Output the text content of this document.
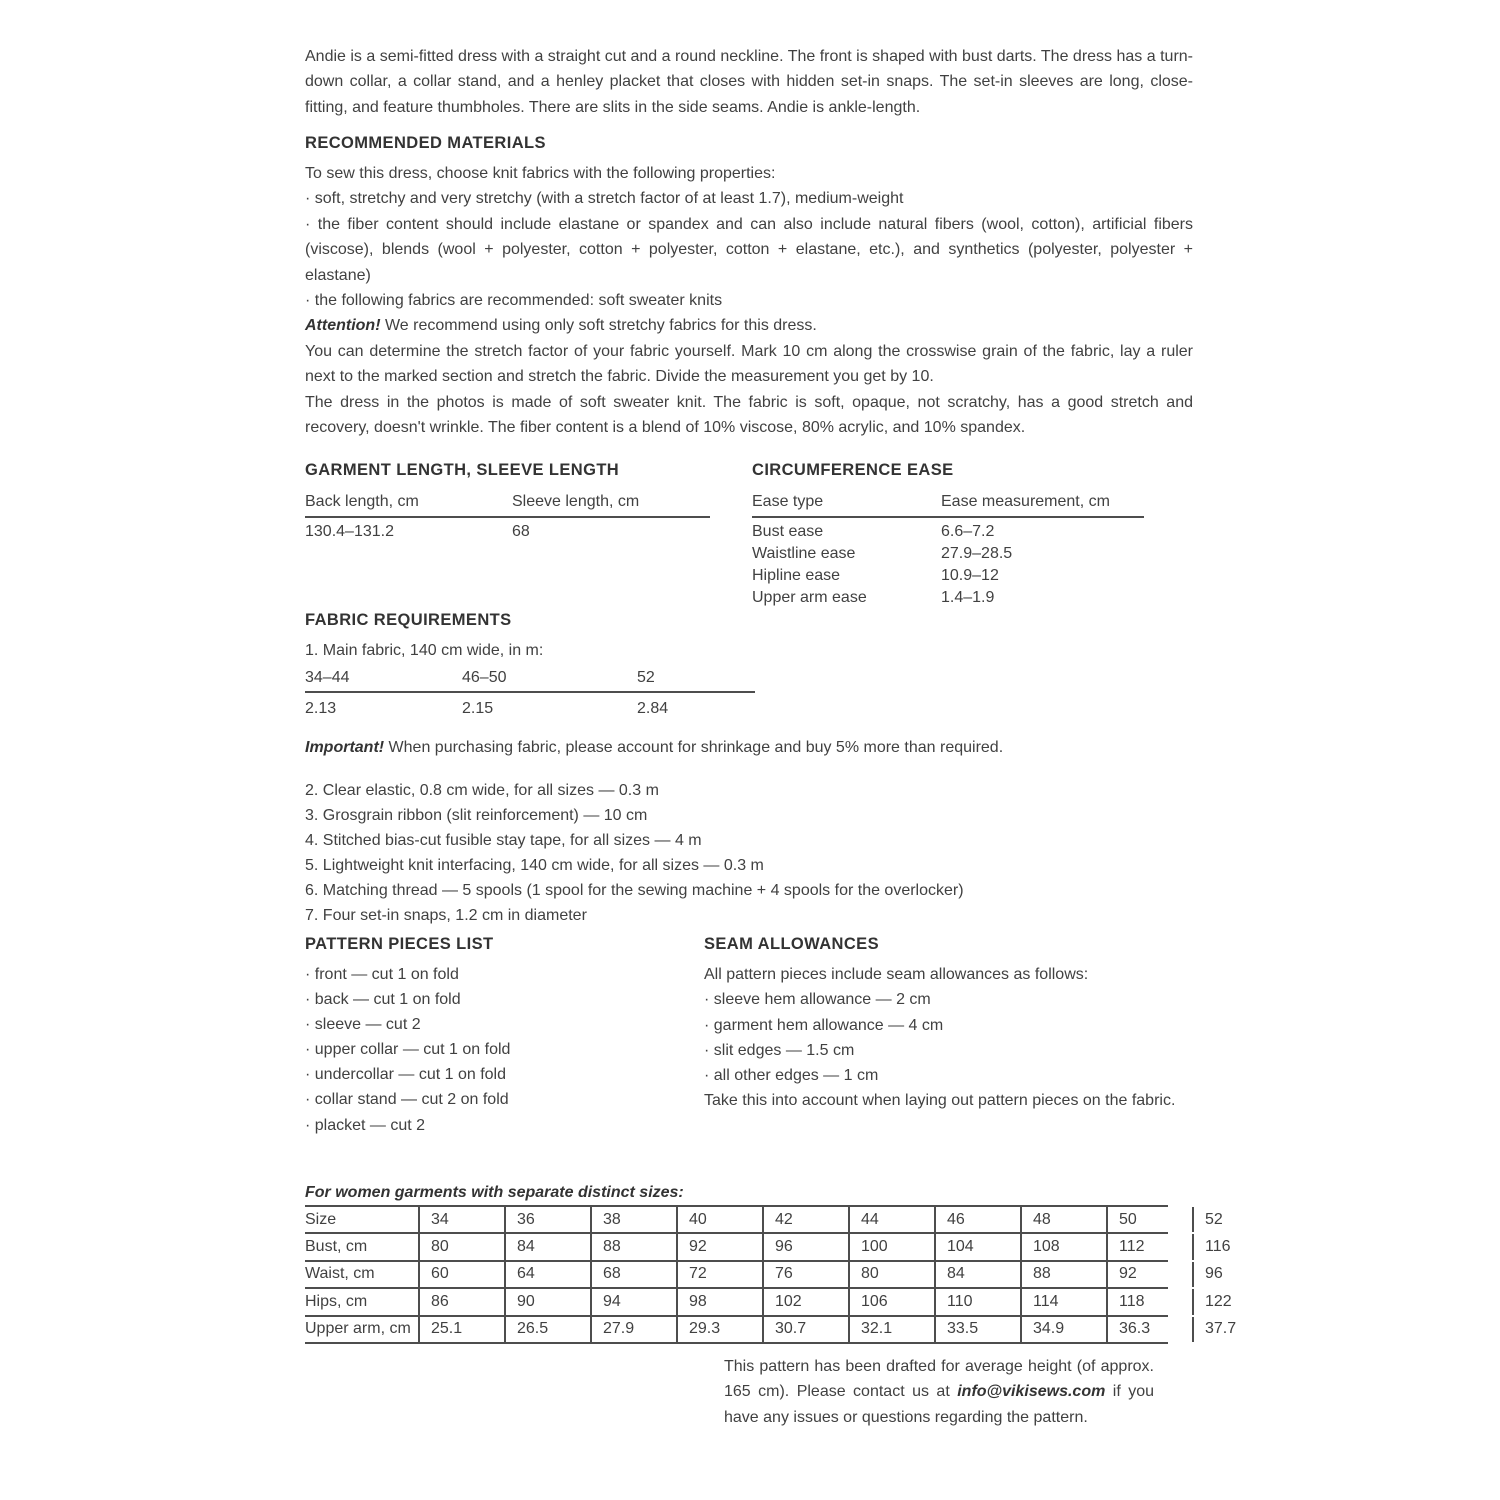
Andie is a semi-fitted dress with a straight cut and a round neckline. The front is shaped with bust darts. The dress has a turn-down collar, a collar stand, and a henley placket that closes with hidden set-in snaps. The set-in sleeves are long, close-fitting, and feature thumbholes. There are slits in the side seams. Andie is ankle-length.

RECOMMENDED MATERIALS

To sew this dress, choose knit fabrics with the following properties:

· soft, stretchy and very stretchy (with a stretch factor of at least 1.7), medium-weight

· the fiber content should include elastane or spandex and can also include natural fibers (wool, cotton), artificial fibers (viscose), blends (wool + polyester, cotton + polyester, cotton + elastane, etc.), and synthetics (polyester, polyester + elastane)

· the following fabrics are recommended: soft sweater knits

Attention! We recommend using only soft stretchy fabrics for this dress.

You can determine the stretch factor of your fabric yourself. Mark 10 cm along the crosswise grain of the fabric, lay a ruler next to the marked section and stretch the fabric. Divide the measurement you get by 10.

The dress in the photos is made of soft sweater knit. The fabric is soft, opaque, not scratchy, has a good stretch and recovery, doesn't wrinkle. The fiber content is a blend of 10% viscose, 80% acrylic, and 10% spandex.

GARMENT LENGTH, SLEEVE LENGTH
Back length, cm	Sleeve length, cm
130.4–131.2	68
CIRCUMFERENCE EASE
Ease type	Ease measurement, cm
Bust ease	6.6–7.2
Waistline ease	27.9–28.5
Hipline ease	10.9–12
Upper arm ease	1.4–1.9
FABRIC REQUIREMENTS

1. Main fabric, 140 cm wide, in m:

34–44	46–50	52
2.13	2.15	2.84

Important! When purchasing fabric, please account for shrinkage and buy 5% more than required.

2. Clear elastic, 0.8 cm wide, for all sizes — 0.3 m

3. Grosgrain ribbon (slit reinforcement) — 10 cm

4. Stitched bias-cut fusible stay tape, for all sizes — 4 m

5. Lightweight knit interfacing, 140 cm wide, for all sizes — 0.3 m

6. Matching thread — 5 spools (1 spool for the sewing machine + 4 spools for the overlocker)

7. Four set-in snaps, 1.2 cm in diameter

PATTERN PIECES LIST

· front — cut 1 on fold

· back — cut 1 on fold

· sleeve — cut 2

· upper collar — cut 1 on fold

· undercollar — cut 1 on fold

· collar stand — cut 2 on fold

· placket — cut 2

SEAM ALLOWANCES

All pattern pieces include seam allowances as follows:

· sleeve hem allowance — 2 cm

· garment hem allowance — 4 cm

· slit edges — 1.5 cm

· all other edges — 1 cm

Take this into account when laying out pattern pieces on the fabric.

For women garments with separate distinct sizes:

Size	34	36	38	40	42	44	46	48	50	52
Bust, cm	80	84	88	92	96	100	104	108	112	116
Waist, cm	60	64	68	72	76	80	84	88	92	96
Hips, cm	86	90	94	98	102	106	110	114	118	122
Upper arm, cm	25.1	26.5	27.9	29.3	30.7	32.1	33.5	34.9	36.3	37.7

This pattern has been drafted for average height (of approx. 165 cm). Please contact us at info@vikisews.com if you have any issues or questions regarding the pattern.
